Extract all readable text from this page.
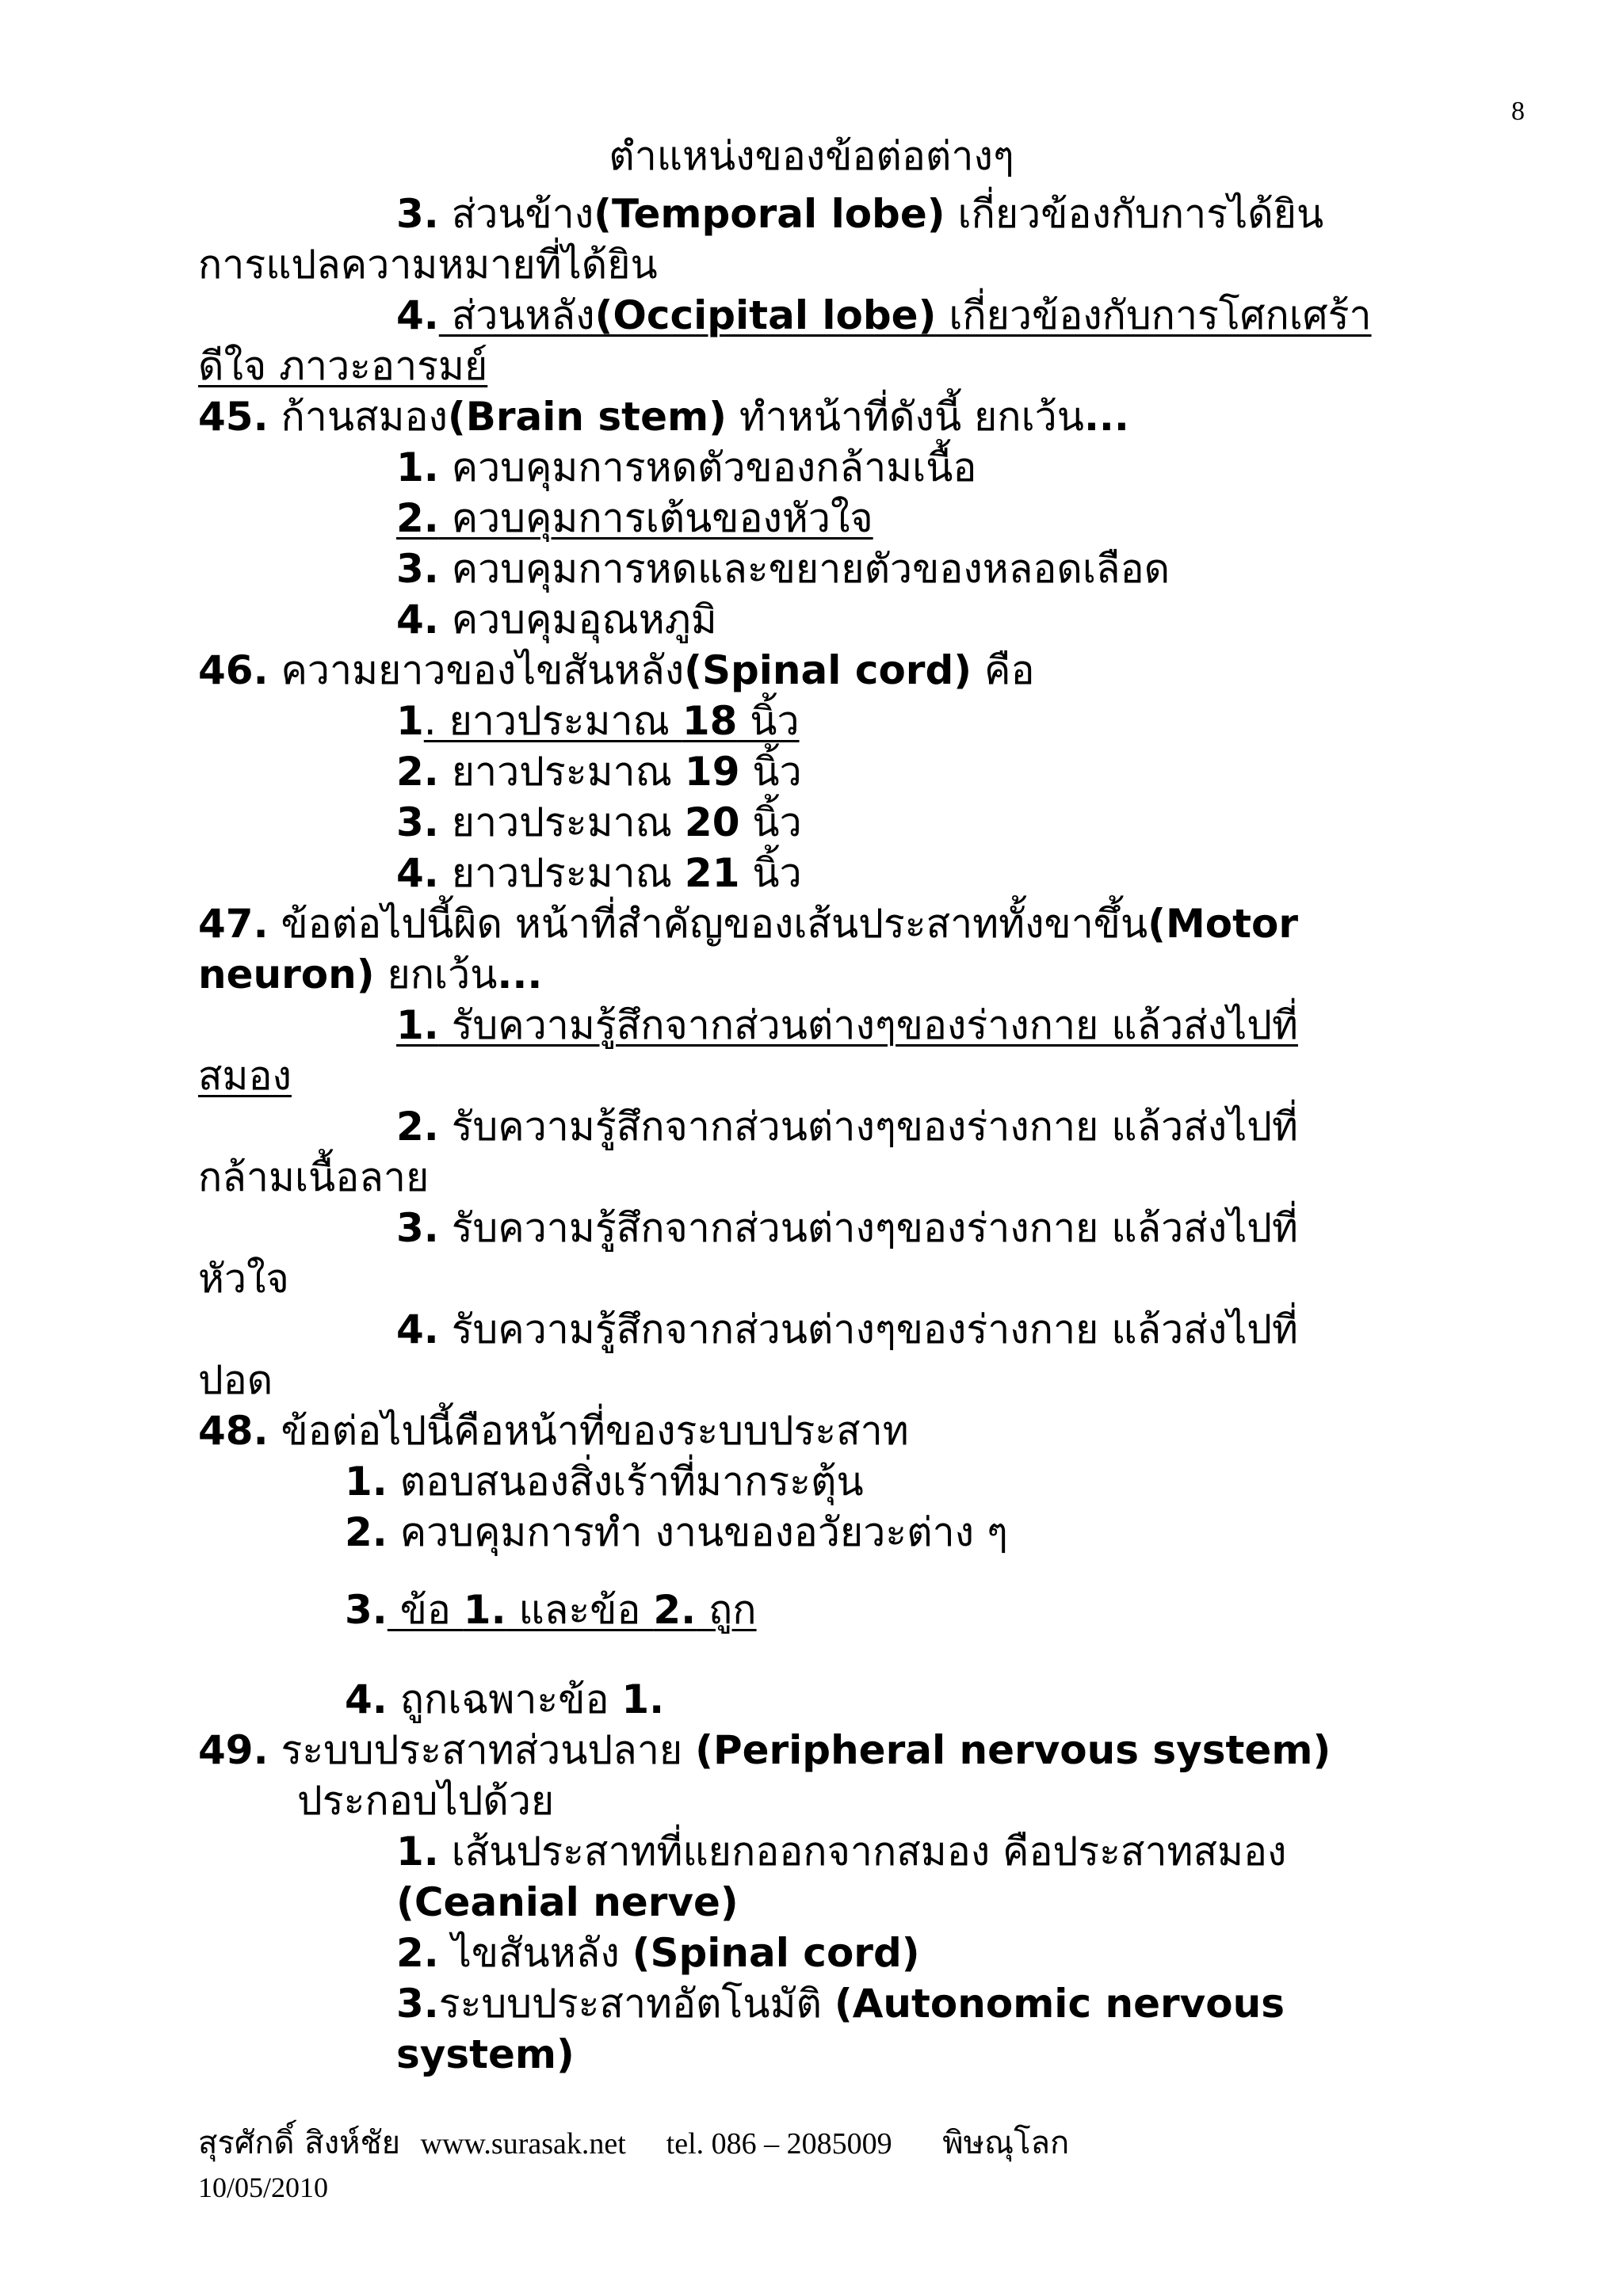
8
ตำแหน่งของข้อต่อต่างๆ
3. ส่วนข้าง(Temporal lobe) เกี่ยวข้องกับการได้ยิน
การแปลความหมายที่ได้ยิน
4. ส่วนหลัง(Occipital lobe) เกี่ยวข้องกับการโศกเศร้า
ดีใจ ภาวะอารมย์
45. ก้านสมอง(Brain stem) ทำหน้าที่ดังนี้ ยกเว้น...
1. ควบคุมการหดตัวของกล้ามเนื้อ
2. ควบคุมการเต้นของหัวใจ
3. ควบคุมการหดและขยายตัวของหลอดเลือด
4. ควบคุมอุณหภูมิ
46. ความยาวของไขสันหลัง(Spinal cord) คือ
1. ยาวประมาณ 18 นิ้ว
2. ยาวประมาณ 19 นิ้ว
3. ยาวประมาณ 20 นิ้ว
4. ยาวประมาณ 21 นิ้ว
47. ข้อต่อไปนี้ผิด หน้าที่สำคัญของเส้นประสาททั้งขาขึ้น(Motor
neuron) ยกเว้น...
1. รับความรู้สึกจากส่วนต่างๆของร่างกาย แล้วส่งไปที่
สมอง
2. รับความรู้สึกจากส่วนต่างๆของร่างกาย แล้วส่งไปที่
กล้ามเนื้อลาย
3. รับความรู้สึกจากส่วนต่างๆของร่างกาย แล้วส่งไปที่
หัวใจ
4. รับความรู้สึกจากส่วนต่างๆของร่างกาย แล้วส่งไปที่
ปอด
48. ข้อต่อไปนี้คือหน้าที่ของระบบประสาท
1. ตอบสนองสิ่งเร้าที่มากระตุ้น
2. ควบคุมการทำ งานของอวัยวะต่าง ๆ
3. ข้อ 1. และข้อ 2. ถูก
4. ถูกเฉพาะข้อ 1.
49. ระบบประสาทส่วนปลาย (Peripheral nervous system)
ประกอบไปด้วย
1. เส้นประสาทที่แยกออกจากสมอง คือประสาทสมอง
(Ceanial nerve)
2. ไขสันหลัง (Spinal cord)
3.ระบบประสาทอัตโนมัติ (Autonomic nervous
system)
สุรศักดิ์ สิงห์ชัย www.surasak.net tel. 086 – 2085009 พิษณุโลก
10/05/2010
